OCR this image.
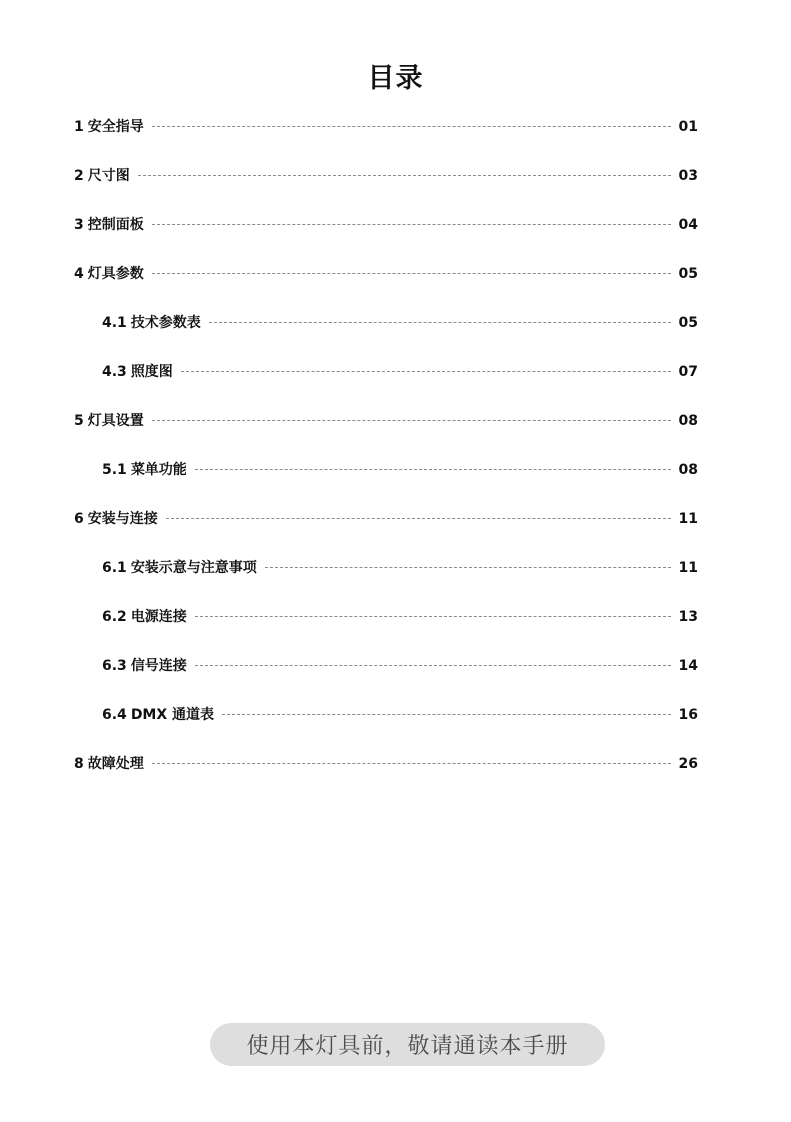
目录
1 安全指导	01
2 尺寸图	03
3 控制面板	04
4 灯具参数	05
4.1 技术参数表	05
4.3 照度图	07
5 灯具设置	08
5.1 菜单功能	08
6 安装与连接	11
6.1 安装示意与注意事项	11
6.2 电源连接	13
6.3 信号连接	14
6.4 DMX 通道表	16
8 故障处理	26
使用本灯具前，敬请通读本手册
